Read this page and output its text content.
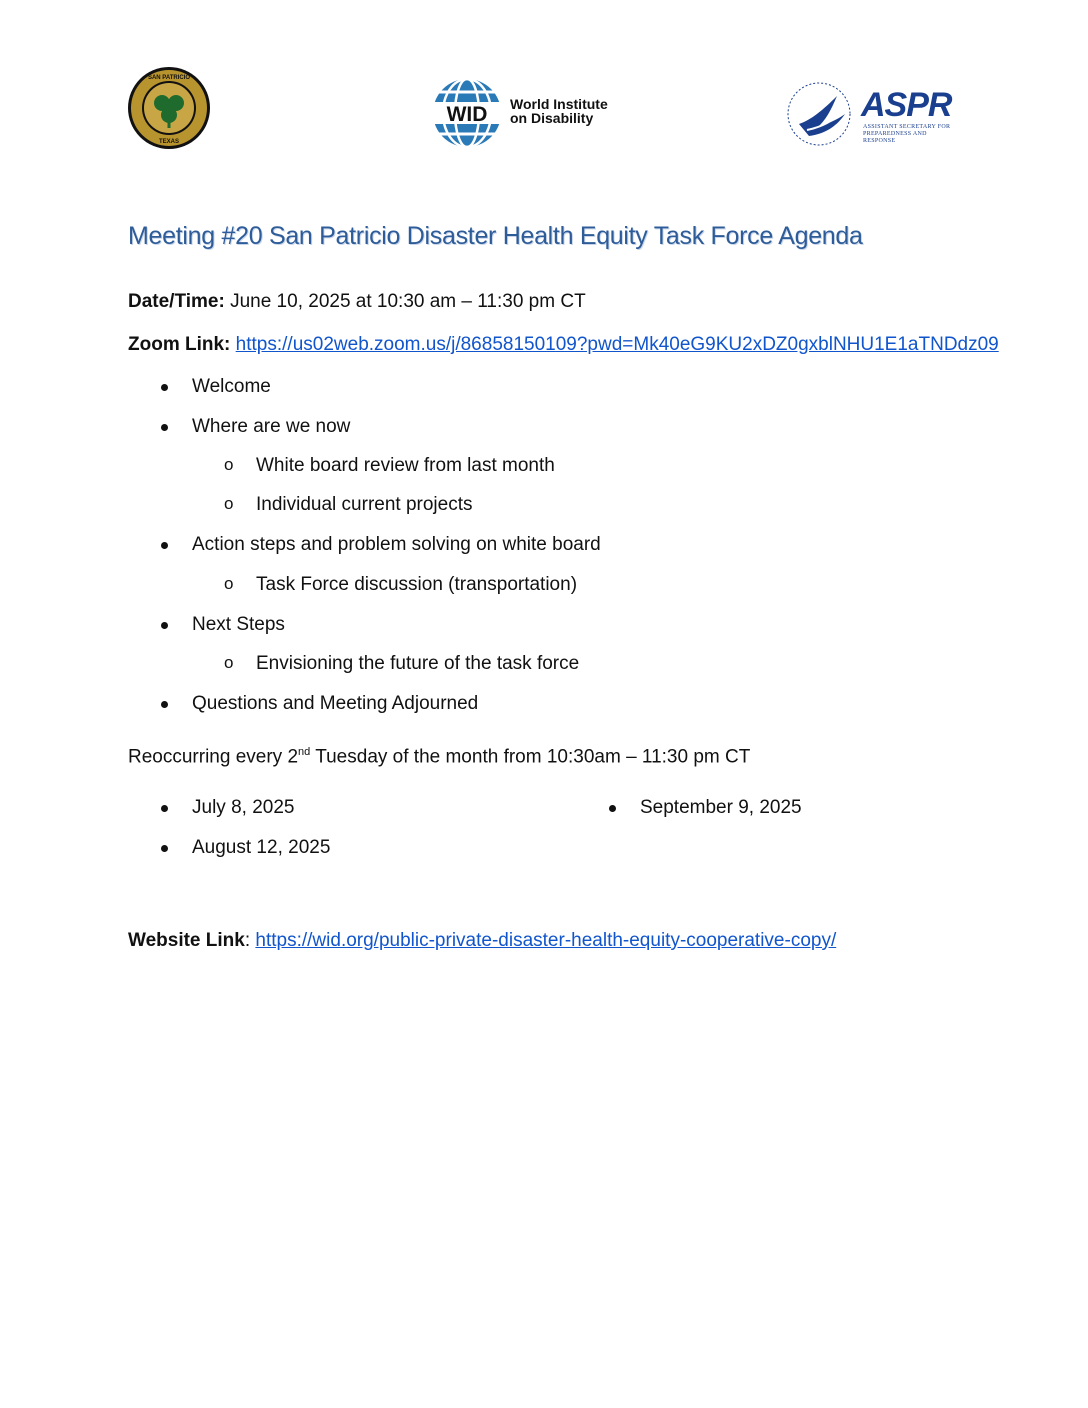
SAN PATRICIO
TEXAS
WID World Institute
on Disability	ASPR
ASSISTANT SECRETARY FOR PREPAREDNESS AND RESPONSE
Meeting #20 San Patricio Disaster Health Equity Task Force Agenda
Date/Time: June 10, 2025 at 10:30 am – 11:30 pm CT
Zoom Link: https://us02web.zoom.us/j/86858150109?pwd=Mk40eG9KU2xDZ0gxblNHU1E1aTNDdz09
Welcome
Where are we now
o White board review from last month
o Individual current projects
Action steps and problem solving on white board
o Task Force discussion (transportation)
Next Steps
o Envisioning the future of the task force
Questions and Meeting Adjourned
Reoccurring every 2nd Tuesday of the month from 10:30am – 11:30 pm CT
July 8, 2025
August 12, 2025
September 9, 2025
Website Link: https://wid.org/public-private-disaster-health-equity-cooperative-copy/
